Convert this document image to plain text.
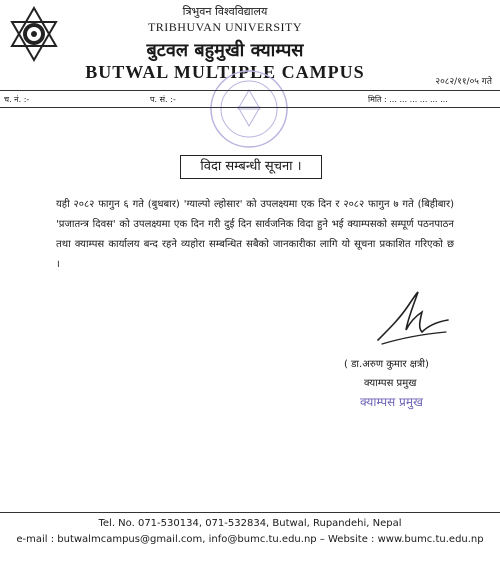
त्रिभुवन विश्वविद्यालय
TRIBHUVAN UNIVERSITY
बुटवल बहुमुखी क्याम्पस
BUTWAL MULTIPLE CAMPUS	२०८२/११/०५ गते
च. नं. :-	प. सं. :-	मिति : ... ... ... ... ... ...
विदा सम्बन्धी सूचना ।
यही २०८२ फागुन ६ गते (बुधबार) 'ग्याल्पो ल्होसार' को उपलक्ष्यमा एक दिन र २०८२ फागुन ७ गते (बिहीबार) 'प्रजातन्त्र दिवस' को उपलक्ष्यमा एक दिन गरी दुई दिन सार्वजनिक विदा हुने भई क्याम्पसको सम्पूर्ण पठनपाठन तथा क्याम्पस कार्यालय बन्द रहने व्यहोरा सम्बन्धित सबैको जानकारीका लागि यो सूचना प्रकाशित गरिएको छ ।
( डा.अरुण कुमार क्षत्री)
क्याम्पस प्रमुख
क्याम्पस प्रमुख
Tel. No. 071-530134, 071-532834, Butwal, Rupandehi, Nepal
e-mail : butwalmcampus@gmail.com, info@bumc.tu.edu.np – Website : www.bumc.tu.edu.np
